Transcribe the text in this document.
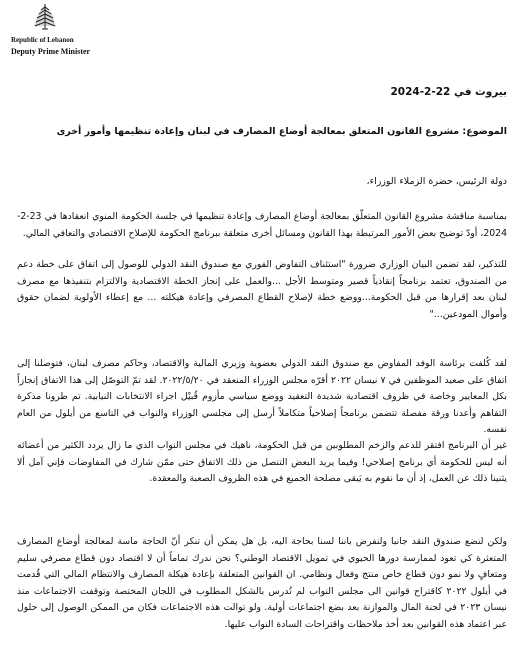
Republic of Lebanon
Deputy Prime Minister
بيروت في 22-2-2024
الموضوع: مشروع القانون المتعلق بمعالجة أوضاع المصارف في لبنان وإعادة تنظيمها وأمور أخرى
دولة الرئيس، حضرة الزملاء الوزراء،
بمناسبة مناقشة مشروع القانون المتعلّق بمعالجة أوضاع المصارف وإعادة تنظيمها في جلسة الحكومة المنوي انعقادها في 23-2-2024، أودّ توضيح بعض الأمور المرتبطة بهذا القانون ومسائل أخرى متعلقة ببرنامج الحكومة للإصلاح الاقتصادي والتعافي المالي.
للتذكير، لقد تضمن البيان الوزاري ضرورة "استئناف التفاوض الفوري مع صندوق النقد الدولي للوصول إلى اتفاق على خطة دعم من الصندوق، تعتمد برنامجاً إنقاذياً قصير ومتوسط الأجل ...والعمل على إنجاز الخطة الاقتصادية والالتزام بتنفيذها مع مصرف لبنان بعد إقرارها من قبل الحكومة...ووضع خطة لإصلاح القطاع المصرفي وإعادة هيكلته ... مع إعطاء الأولوية لضمان حقوق وأموال المودعين..."
لقد كُلفت برئاسة الوفد المفاوض مع صندوق النقد الدولي بعضوية وزيري المالية والاقتصاد، وحاكم مصرف لبنان، فتوصلنا إلى اتفاق على صعيد الموظفين في ٧ نيسان ٢٠٢٢ أقرّه مجلس الوزراء المنعقد في ٢٠٢٢/٥/٢٠. لقد تمّ التوصّل إلى هذا الاتفاق إنجازاً بكل المعايير وخاصة في ظروف اقتصادية شديدة التعقيد ووضع سياسي مأزوم قُبيْل اجراء الانتخابات النيابية. تم طرونا مذكرة التفاهم وأعدنا ورقة مفصلة تتضمن برنامجاً إصلاحياً متكاملاً أرسل إلى مجلسي الوزراء والنواب في التاسع من أيلول من العام نفسه.
غير أن البرنامج افتقر للدعم والزخم المطلوبين من قبل الحكومة، ناهيك في مجلس النواب الذي ما زال يردد الكثير من أعضائه أنه ليس للحكومة أي برنامج إصلاحي! وفيما يريد البعض التنصل من ذلك الاتفاق حتى ممّن شارك في المفاوضات فإني آمل ألا يثنينا ذلك عن العمل، إذ أن ما نقوم به يَبقى مصلحة الجميع في هذه الظروف الصعبة والمعقدة.
ولكن لنضع صندوق النقد جانبا ولنفرض باننا لسنا بحاجة اليه، بل هل يمكن أن تنكر أنّ الحاجة ماسة لمعالجة أوضاع المصارف المتعثرة كي تعود لممارسة دورها الحيوي في تمويل الاقتصاد الوطني؟ نحن ندرك تماماً أن لا اقتصاد دون قطاع مصرفي سليم ومتعافٍ ولا نمو دون قطاع خاص منتج وفعال ونظامي. ان القوانين المتعلقة بإعادة هيكلة المصارف والانتظام المالي التي قُدمت في أيلول ٢٠٢٢ كاقتراح قوانين الى مجلس النواب لم تُدرس بالشكل المطلوب في اللجان المختصة وتوقفت الاجتماعات منذ نيسان ٢٠٢٣ في لجنة المال والموازنة بعد بضع اجتماعات أولية. ولو توالت هذه الاجتماعات فكان من الممكن الوصول إلى حلول عبر اعتماد هذه القوانين بعد أخذ ملاحظات واقتراحات السادة النواب عليها.
